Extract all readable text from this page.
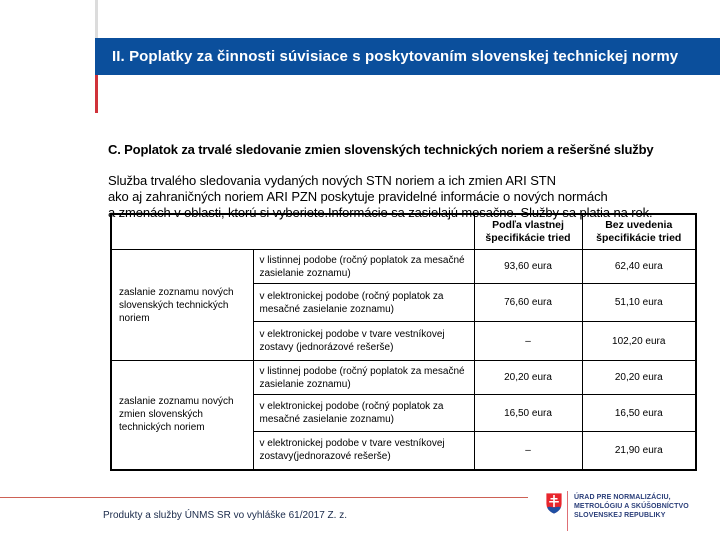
II. Poplatky za činnosti súvisiace s poskytovaním slovenskej technickej normy
C. Poplatok za trvalé sledovanie zmien slovenských technických noriem a rešeršné služby
Služba trvalého sledovania vydaných nových STN noriem a ich zmien ARI STN
ako aj zahraničných noriem ARI PZN poskytuje pravidelné informácie o nových normách
a zmenách v oblasti, ktorú si vyberiete.Informácie sa zasielajú mesačne. Služby sa platia na rok.
		Podľa vlastnej špecifikácie tried	Bez uvedenia špecifikácie tried
zaslanie zoznamu nových slovenských technických noriem	v listinnej podobe (ročný poplatok za mesačné zasielanie zoznamu)	93,60 eura	62,40 eura
	v elektronickej podobe (ročný poplatok za mesačné zasielanie zoznamu)	76,60 eura	51,10 eura
	v elektronickej podobe v tvare vestníkovej zostavy (jednorázové rešerše)	–	102,20 eura
zaslanie zoznamu nových zmien slovenských technických noriem	v listinnej podobe (ročný poplatok za mesačné zasielanie zoznamu)	20,20 eura	20,20 eura
	v elektronickej podobe (ročný poplatok za mesačné zasielanie zoznamu)	16,50 eura	16,50 eura
	v elektronickej podobe v tvare vestníkovej zostavy(jednorazové rešerše)	–	21,90 eura
Produkty a služby ÚNMS SR vo vyhláške 61/2017 Z. z.
ÚRAD PRE NORMALIZÁCIU,
METROLÓGIU A SKÚŠOBNÍCTVO
SLOVENSKEJ REPUBLIKY
